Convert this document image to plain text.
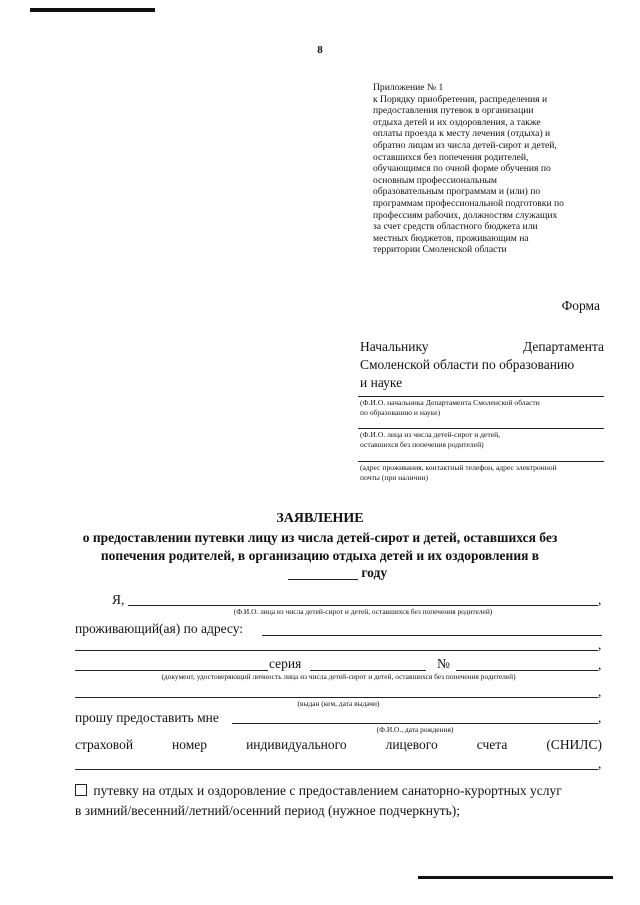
8
Приложение № 1
к Порядку приобретения, распределения и
предоставления путевок в организации
отдыха детей и их оздоровления, а также
оплаты проезда к месту лечения (отдыха) и
обратно лицам из числа детей-сирот и детей,
оставшихся без попечения родителей,
обучающимся по очной форме обучения по
основным профессиональным
образовательным программам и (или) по
программам профессиональной подготовки по
профессиям рабочих, должностям служащих
за счет средств областного бюджета или
местных бюджетов, проживающим на
территории Смоленской области
Форма
Начальнику	Департамента
Смоленской области по образованию
и науке
(Ф.И.О. начальника Департамента Смоленской области
по образованию и науке)
(Ф.И.О. лица из числа детей-сирот и детей,
оставшихся без попечения родителей)
(адрес проживания, контактный телефон, адрес электронной
почты (при наличии)
ЗАЯВЛЕНИЕ
о предоставлении путевки лицу из числа детей-сирот и детей, оставшихся без
попечения родителей, в организацию отдыха детей и их оздоровления в
году
Я,	,
(Ф.И.О. лица из числа детей-сирот и детей, оставшихся без попечения родителей)
проживающий(ая) по адресу:
,
серия	№	,
(документ, удостоверяющий личность лица из числа детей-сирот и детей, оставшихся без попечения родителей)
,
(выдан (кем, дата выдачи)
прошу предоставить мне	,
(Ф.И.О., дата рождения)
страховой	номер	индивидуального	лицевого	счета	(СНИЛС)
,
путевку на отдых и оздоровление с предоставлением санаторно-курортных услуг
в зимний/весенний/летний/осенний период (нужное подчеркнуть);
